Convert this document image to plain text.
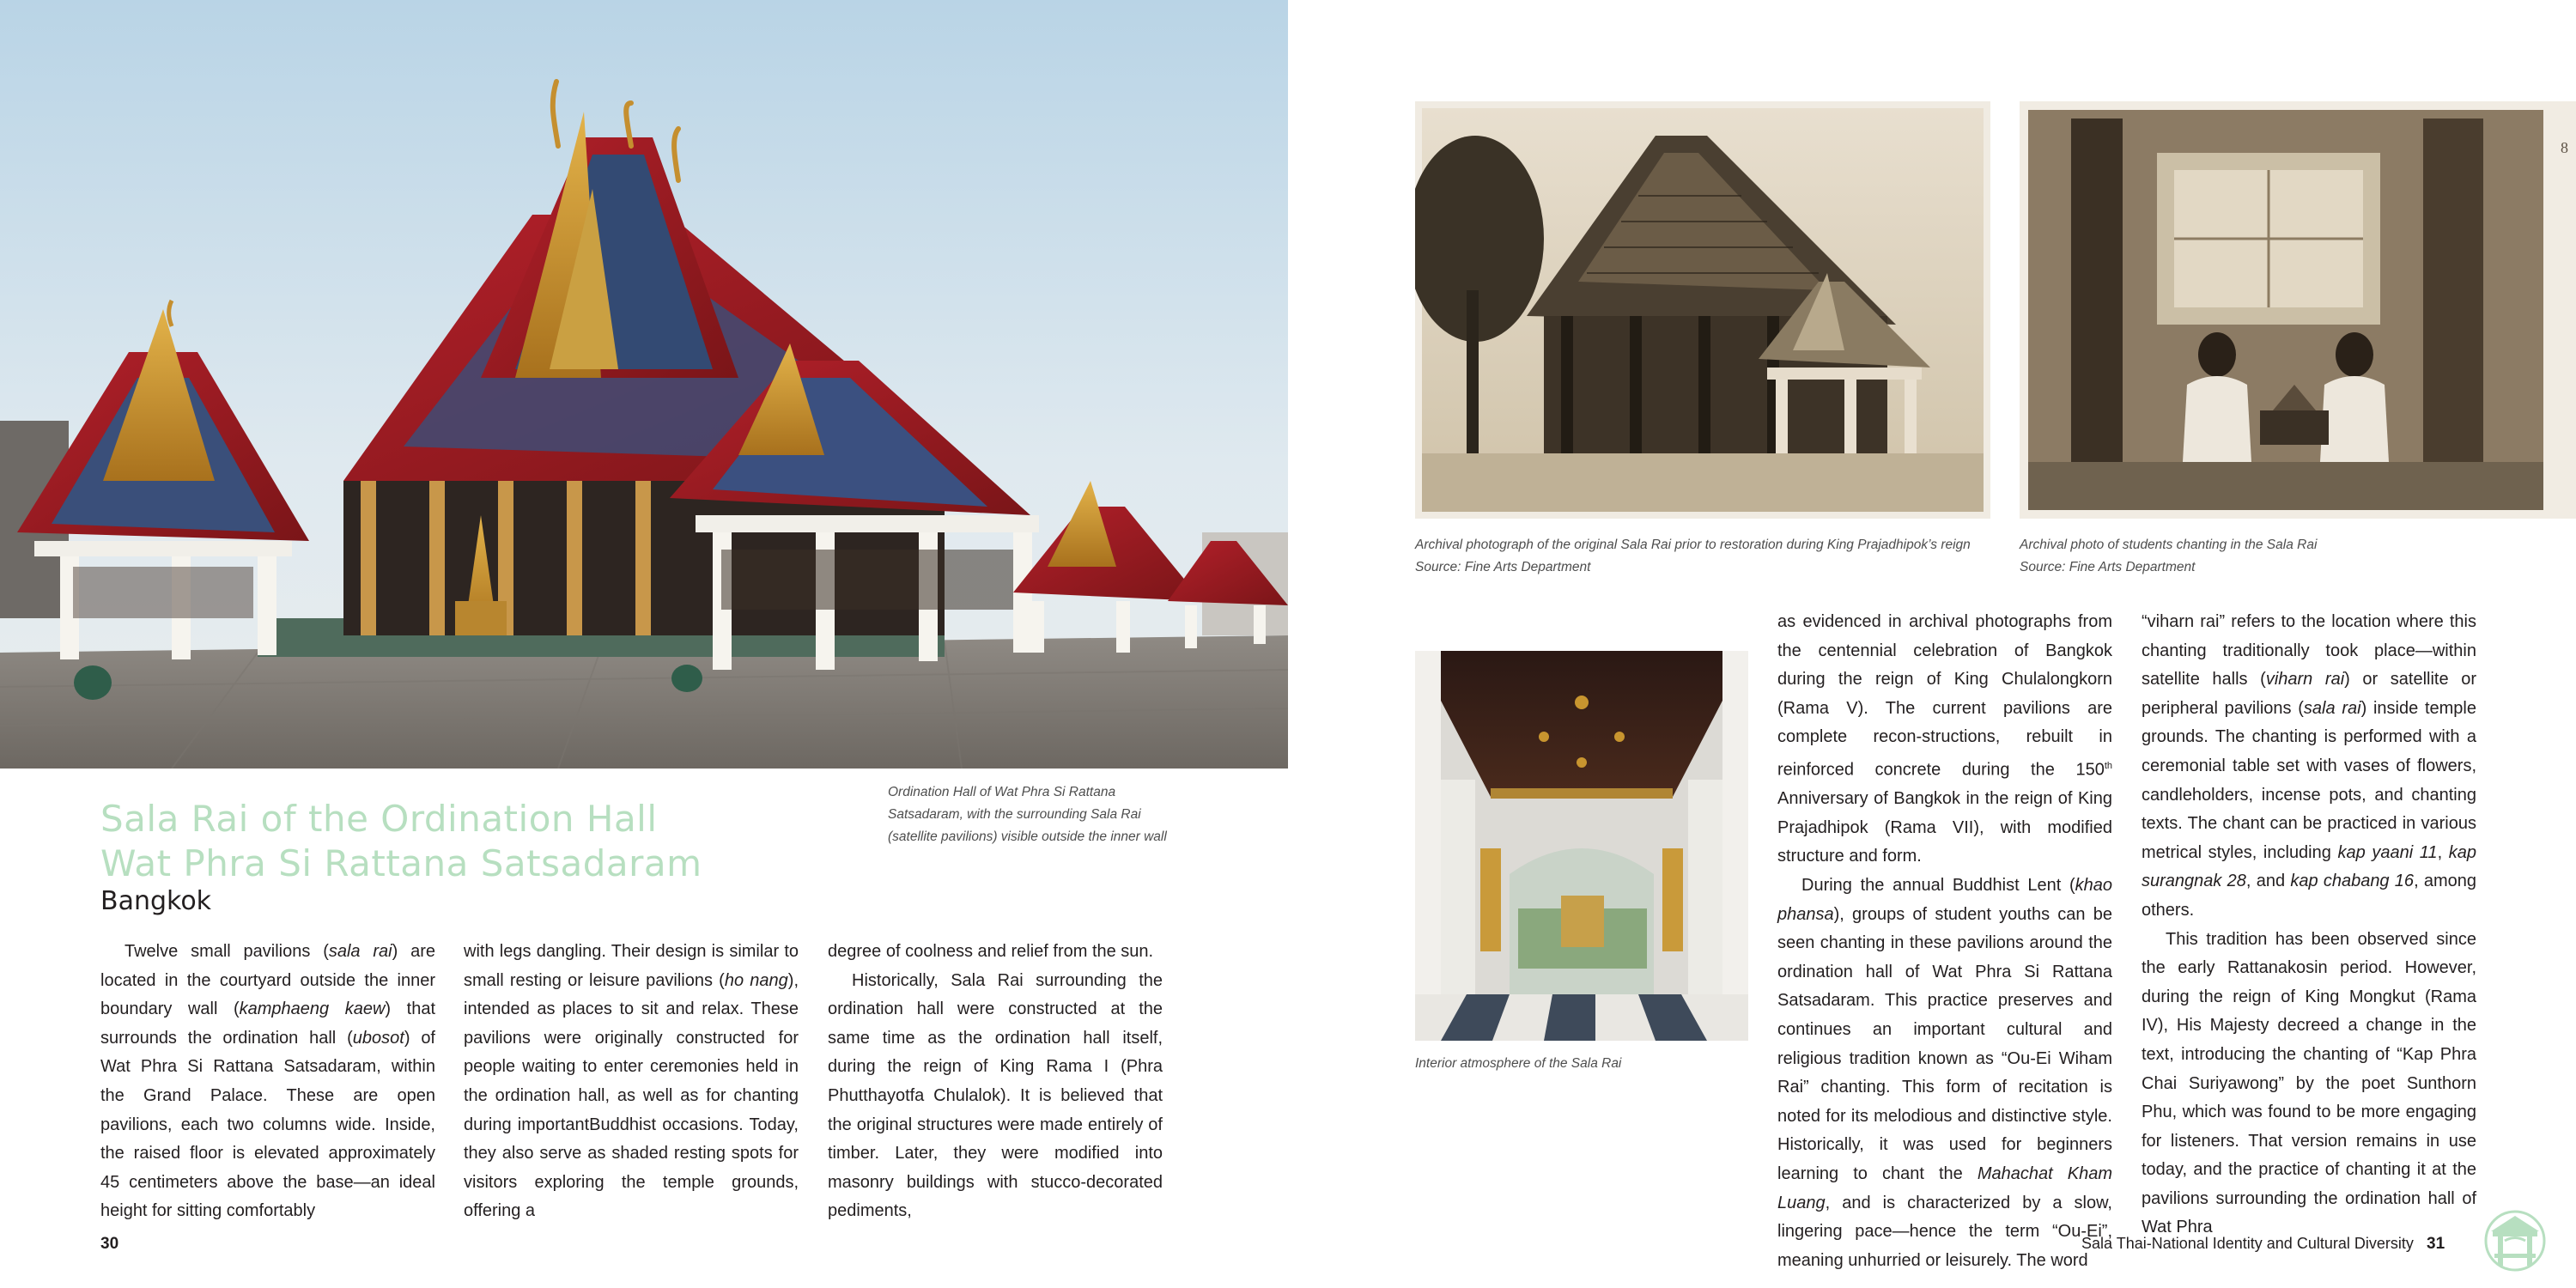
Ordination Hall of Wat Phra Si Rattana

Satsadaram, with the surrounding Sala Rai

(satellite pavilions) visible outside the inner wall

Sala Rai of the Ordination Hall
Wat Phra Si Rattana Satsadaram
Bangkok

Twelve small pavilions (sala rai) are located in the courtyard outside the inner boundary wall (kamphaeng kaew) that surrounds the ordination hall (ubosot) of Wat Phra Si Rattana Satsadaram, within the Grand Palace. These are open pavilions, each two columns wide. Inside, the raised floor is elevated approximately 45 centimeters above the base—an ideal height for sitting comfortably

with legs dangling. Their design is similar to small resting or leisure pavilions (ho nang), intended as places to sit and relax. These pavilions were originally constructed for people waiting to enter ceremonies held in the ordination hall, as well as for chanting during importantBuddhist occasions. Today, they also serve as shaded resting spots for visitors exploring the temple grounds, offering a

degree of coolness and relief from the sun.

Historically, Sala Rai surrounding the ordination hall were constructed at the same time as the ordination hall itself, during the reign of King Rama I (Phra Phutthayotfa Chulalok). It is believed that the original structures were made entirely of timber. Later, they were modified into masonry buildings with stucco-decorated pediments,

30
8

Archival photograph of the original Sala Rai prior to restoration during King Prajadhipok’s reign

Source: Fine Arts Department

Archival photo of students chanting in the Sala Rai

Source: Fine Arts Department

Interior atmosphere of the Sala Rai

as evidenced in archival photographs from the centennial celebration of Bangkok during the reign of King Chulalongkorn (Rama V). The current pavilions are complete recon-structions, rebuilt in reinforced concrete during the 150th Anniversary of Bangkok in the reign of King Prajadhipok (Rama VII), with modified structure and form.

During the annual Buddhist Lent (khao phansa), groups of student youths can be seen chanting in these pavilions around the ordination hall of Wat Phra Si Rattana Satsadaram. This practice preserves and continues an important cultural and religious tradition known as “Ou-Ei Wiham Rai” chanting. This form of recitation is noted for its melodious and distinctive style. Historically, it was used for beginners learning to chant the Mahachat Kham Luang, and is characterized by a slow, lingering pace—hence the term “Ou-Ei”, meaning unhurried or leisurely. The word

“viharn rai” refers to the location where this chanting traditionally took place—within satellite halls (viharn rai) or satellite or peripheral pavilions (sala rai) inside temple grounds. The chanting is performed with a ceremonial table set with vases of flowers, candleholders, incense pots, and chanting texts. The chant can be practiced in various metrical styles, including kap yaani 11, kap surangnak 28, and kap chabang 16, among others.

This tradition has been observed since the early Rattanakosin period. However, during the reign of King Mongkut (Rama IV), His Majesty decreed a change in the text, introducing the chanting of “Kap Phra Chai Suriyawong” by the poet Sunthorn Phu, which was found to be more engaging for listeners. That version remains in use today, and the practice of chanting it at the pavilions surrounding the ordination hall of Wat Phra

Sala Thai-National Identity and Cultural Diversity 31
